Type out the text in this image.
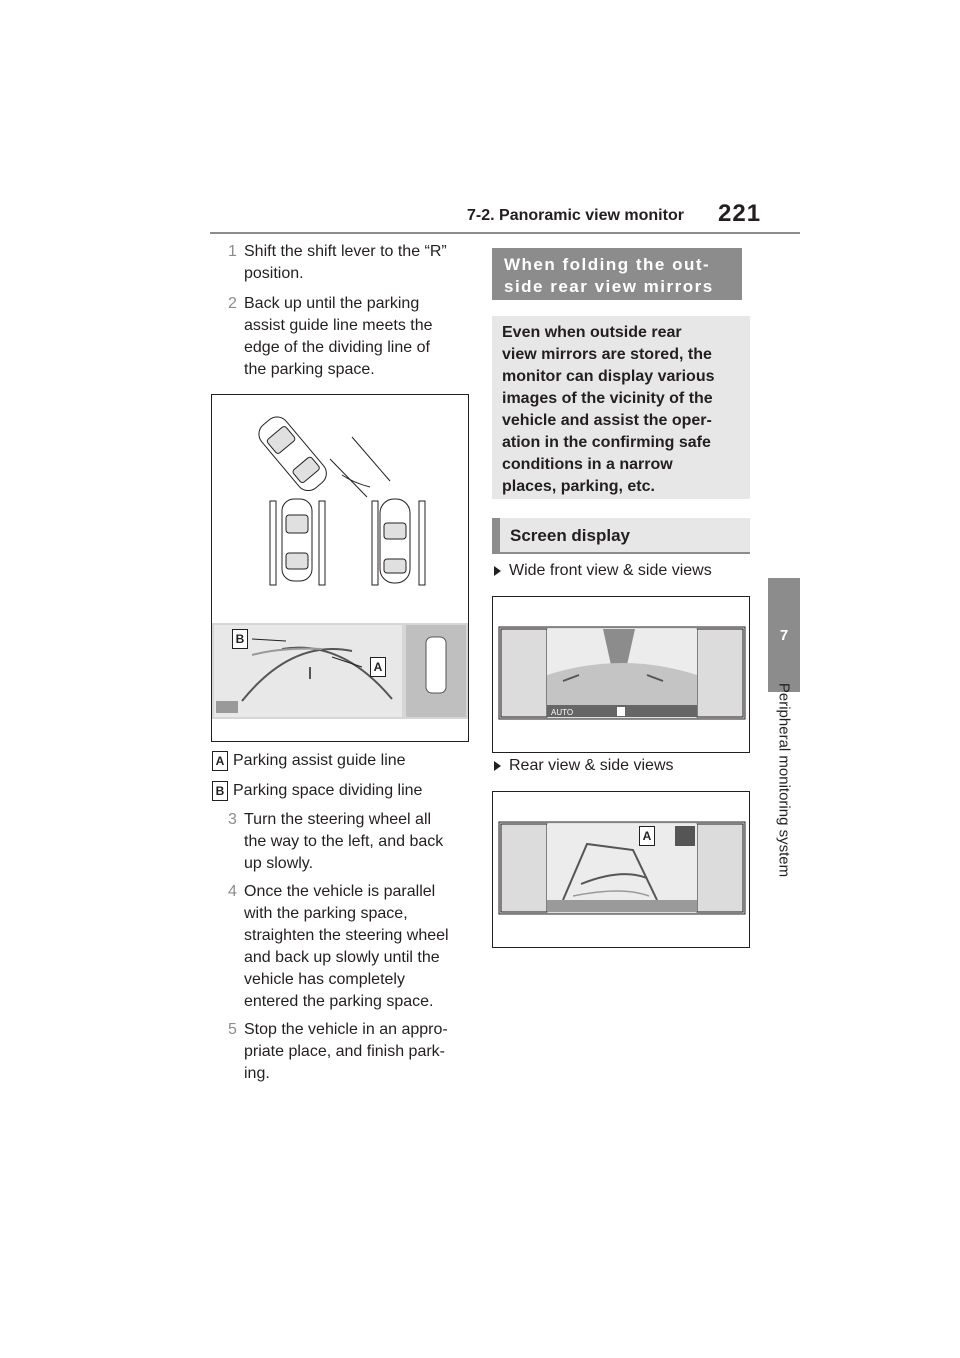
7-2. Panoramic view monitor 221
7
Peripheral monitoring system
1 Shift the shift lever to the “R”
position.
2 Back up until the parking
assist guide line meets the
edge of the dividing line of
the parking space.
B
A
A Parking assist guide line
B Parking space dividing line
3 Turn the steering wheel all
the way to the left, and back
up slowly.
4 Once the vehicle is parallel
with the parking space,
straighten the steering wheel
and back up slowly until the
vehicle has completely
entered the parking space.
5 Stop the vehicle in an appro-
priate place, and finish park-
ing.
When folding the out-
side rear view mirrors
Even when outside rear
view mirrors are stored, the
monitor can display various
images of the vicinity of the
vehicle and assist the oper-
ation in the confirming safe
conditions in a narrow
places, parking, etc.
Screen display
Wide front view & side views
AUTO
Rear view & side views
A
